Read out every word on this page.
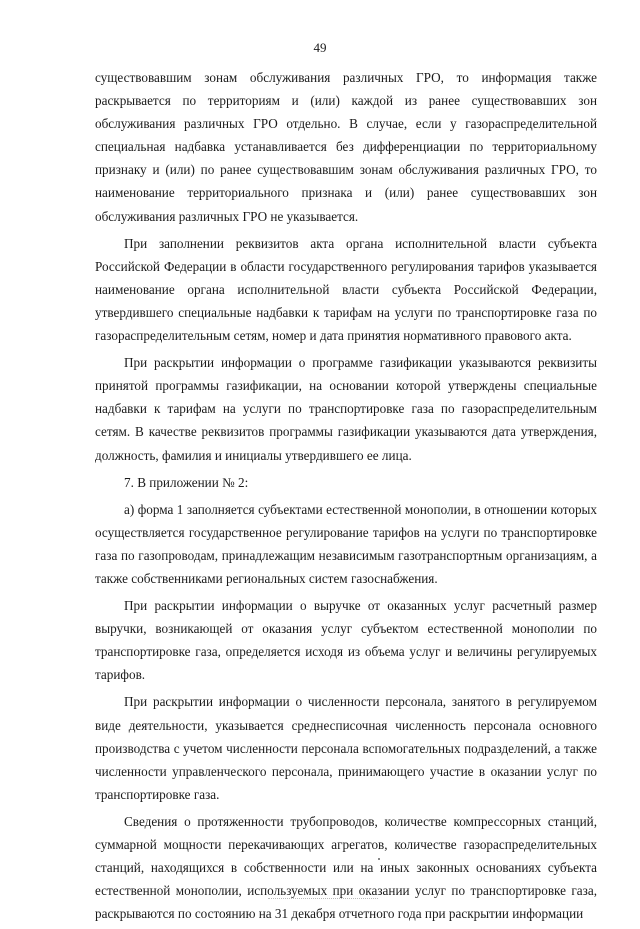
49

существовавшим зонам обслуживания различных ГРО, то информация также раскрывается по территориям и (или) каждой из ранее существовавших зон обслуживания различных ГРО отдельно. В случае, если у газораспределительной специальная надбавка устанавливается без дифференциации по территориальному признаку и (или) по ранее существовавшим зонам обслуживания различных ГРО, то наименование территориального признака и (или) ранее существовавших зон обслуживания различных ГРО не указывается.

При заполнении реквизитов акта органа исполнительной власти субъекта Российской Федерации в области государственного регулирования тарифов указывается наименование органа исполнительной власти субъекта Российской Федерации, утвердившего специальные надбавки к тарифам на услуги по транспортировке газа по газораспределительным сетям, номер и дата принятия нормативного правового акта.

При раскрытии информации о программе газификации указываются реквизиты принятой программы газификации, на основании которой утверждены специальные надбавки к тарифам на услуги по транспортировке газа по газораспределительным сетям. В качестве реквизитов программы газификации указываются дата утверждения, должность, фамилия и инициалы утвердившего ее лица.

7. В приложении № 2:

а) форма 1 заполняется субъектами естественной монополии, в отношении которых осуществляется государственное регулирование тарифов на услуги по транспортировке газа по газопроводам, принадлежащим независимым газотранспортным организациям, а также собственниками региональных систем газоснабжения.

При раскрытии информации о выручке от оказанных услуг расчетный размер выручки, возникающей от оказания услуг субъектом естественной монополии по транспортировке газа, определяется исходя из объема услуг и величины регулируемых тарифов.

При раскрытии информации о численности персонала, занятого в регулируемом виде деятельности, указывается среднесписочная численность персонала основного производства с учетом численности персонала вспомогательных подразделений, а также численности управленческого персонала, принимающего участие в оказании услуг по транспортировке газа.

Сведения о протяженности трубопроводов, количестве компрессорных станций, суммарной мощности перекачивающих агрегатов, количестве газораспределительных станций, находящихся в собственности или на иных законных основаниях субъекта естественной монополии, используемых при оказании услуг по транспортировке газа, раскрываются по состоянию на 31 декабря отчетного года при раскрытии информации
